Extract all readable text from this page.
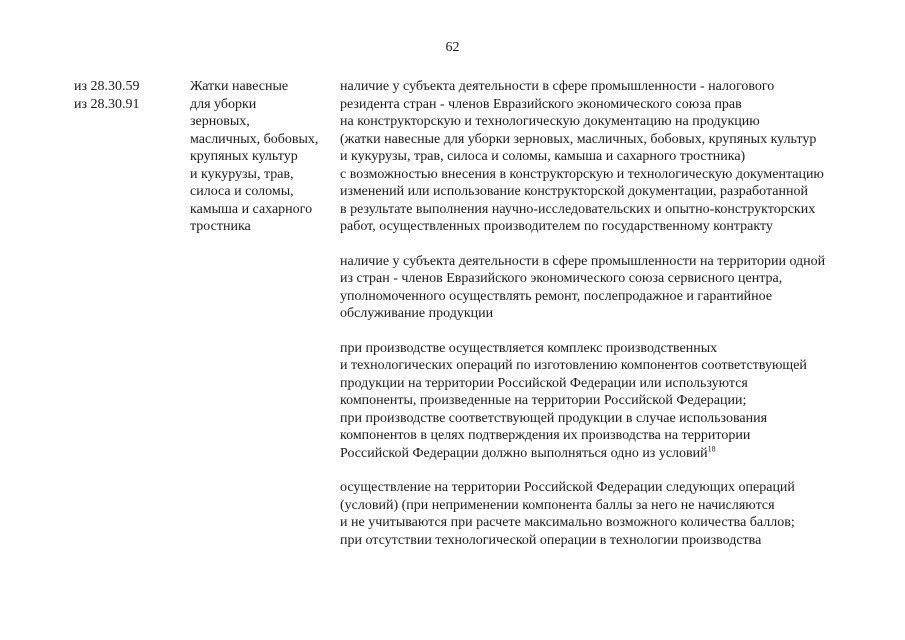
62
из 28.30.59
из 28.30.91
Жатки навесные
для уборки
зерновых,
масличных, бобовых,
крупяных культур
и кукурузы, трав,
силоса и соломы,
камыша и сахарного
тростника
наличие у субъекта деятельности в сфере промышленности - налогового
резидента стран - членов Евразийского экономического союза прав
на конструкторскую и технологическую документацию на продукцию
(жатки навесные для уборки зерновых, масличных, бобовых, крупяных культур
и кукурузы, трав, силоса и соломы, камыша и сахарного тростника)
с возможностью внесения в конструкторскую и технологическую документацию
изменений или использование конструкторской документации, разработанной
в результате выполнения научно-исследовательских и опытно-конструкторских
работ, осуществленных производителем по государственному контракту
наличие у субъекта деятельности в сфере промышленности на территории одной
из стран - членов Евразийского экономического союза сервисного центра,
уполномоченного осуществлять ремонт, послепродажное и гарантийное
обслуживание продукции
при производстве осуществляется комплекс производственных
и технологических операций по изготовлению компонентов соответствующей
продукции на территории Российской Федерации или используются
компоненты, произведенные на территории Российской Федерации;
при производстве соответствующей продукции в случае использования
компонентов в целях подтверждения их производства на территории
Российской Федерации должно выполняться одно из условий$^{18}$
осуществление на территории Российской Федерации следующих операций
(условий) (при неприменении компонента баллы за него не начисляются
и не учитываются при расчете максимально возможного количества баллов;
при отсутствии технологической операции в технологии производства
